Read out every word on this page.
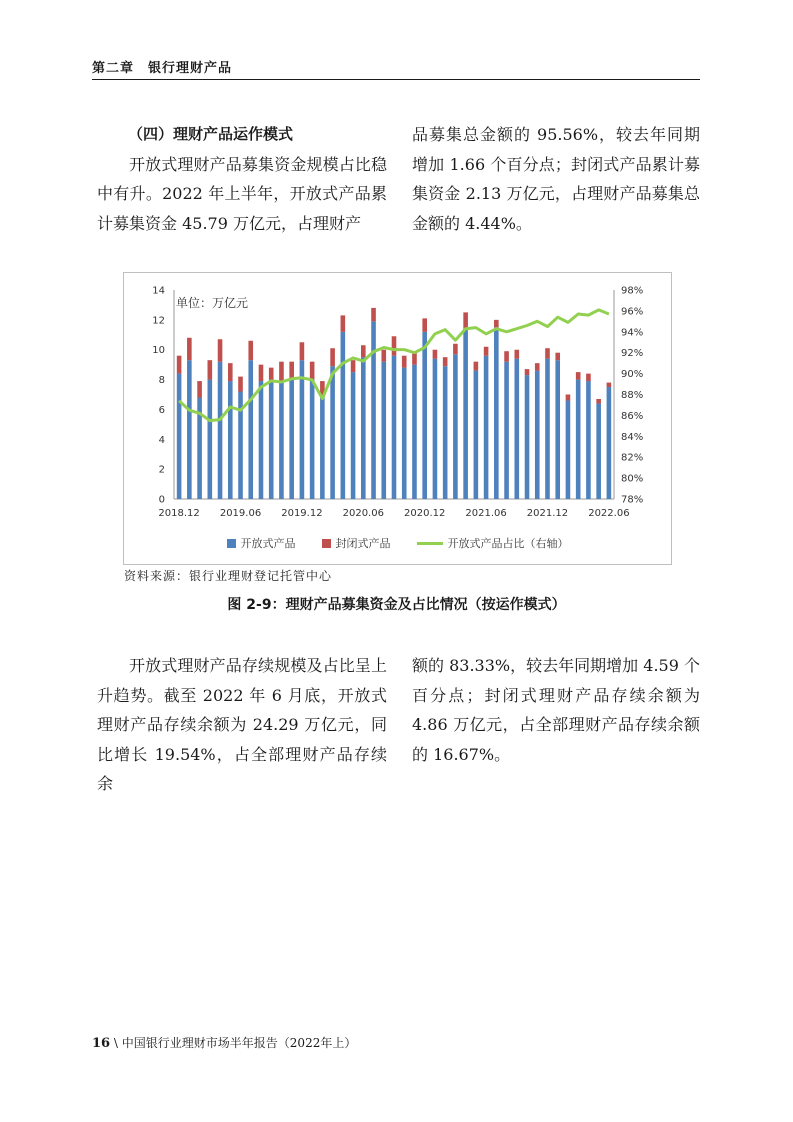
第二章　银行理财产品

（四）理财产品运作模式

开放式理财产品募集资金规模占比稳中有升。2022 年上半年，开放式产品累计募集资金 45.79 万亿元，占理财产

品募集总金额的 95.56%，较去年同期增加 1.66 个百分点；封闭式产品累计募集资金 2.13 万亿元，占理财产品募集总金额的 4.44%。

0
2
4
6
8
10
12
14
78%
80%
82%
84%
86%
88%
90%
92%
94%
96%
98%
2018.12 2019.06 2019.12 2020.06 2020.12 2021.06 2021.12 2022.06
单位：万亿元
开放式产品	封闭式产品	开放式产品占比（右轴）
资料来源：银行业理财登记托管中心
图 2-9：理财产品募集资金及占比情况（按运作模式）

开放式理财产品存续规模及占比呈上升趋势。截至 2022 年 6 月底，开放式理财产品存续余额为 24.29 万亿元，同比增长 19.54%，占全部理财产品存续余

额的 83.33%，较去年同期增加 4.59 个百分点；封闭式理财产品存续余额为 4.86 万亿元，占全部理财产品存续余额的 16.67%。

16 \ 中国银行业理财市场半年报告（2022年上）
